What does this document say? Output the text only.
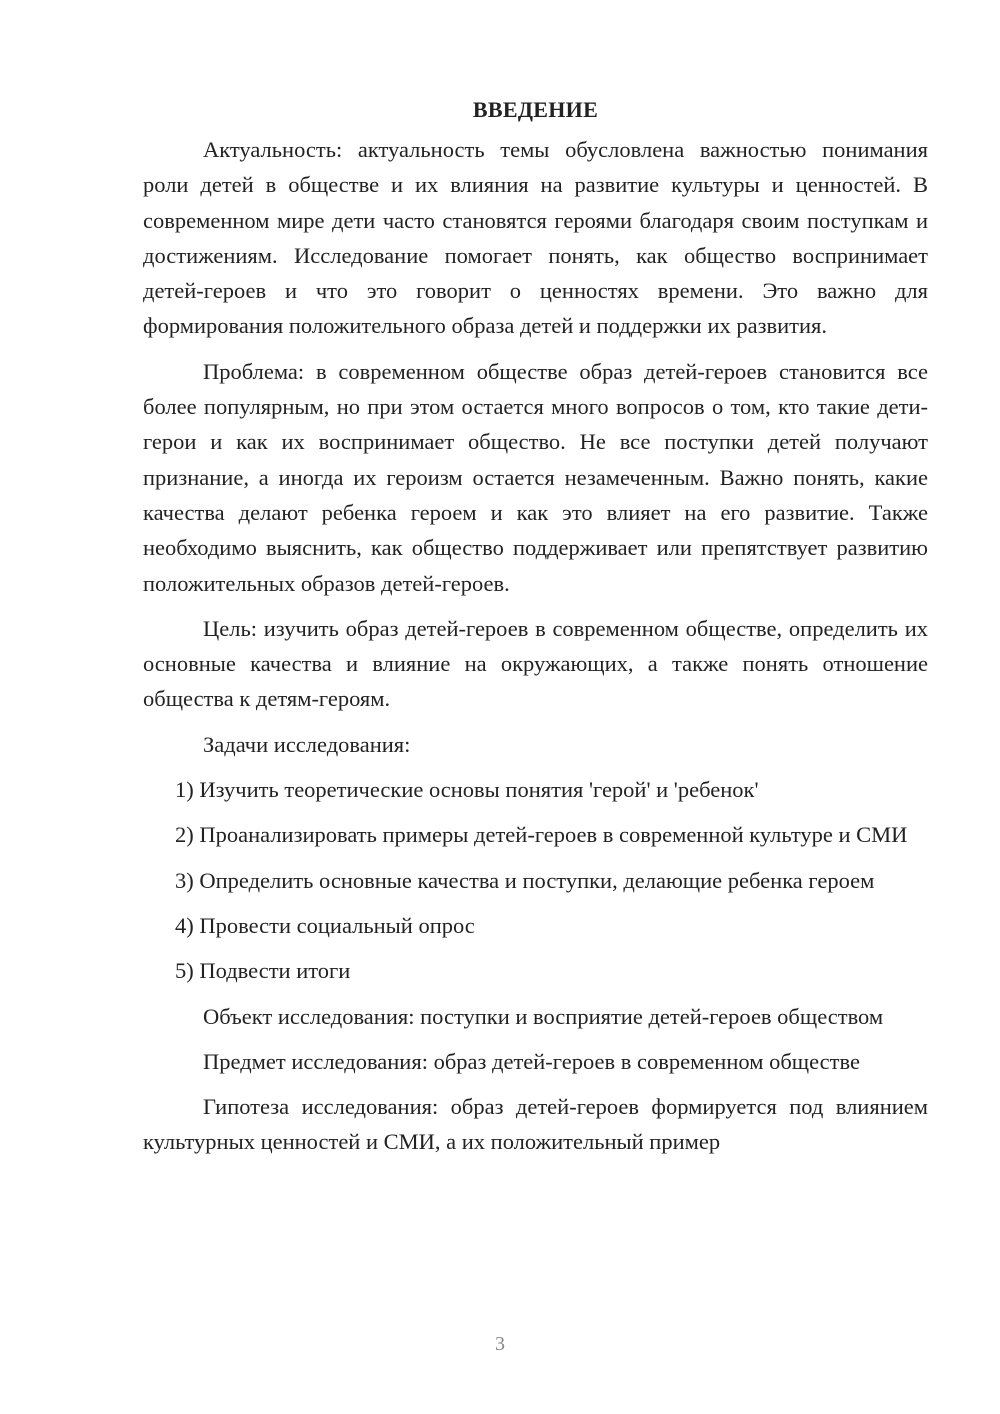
ВВЕДЕНИЕ

Актуальность: актуальность темы обусловлена важностью понимания роли детей в обществе и их влияния на развитие культуры и ценностей. В современном мире дети часто становятся героями благодаря своим поступкам и достижениям. Исследование помогает понять, как общество воспринимает детей-героев и что это говорит о ценностях времени. Это важно для формирования положительного образа детей и поддержки их развития.

Проблема: в современном обществе образ детей-героев становится все более популярным, но при этом остается много вопросов о том, кто такие дети-герои и как их воспринимает общество. Не все поступки детей получают признание, а иногда их героизм остается незамеченным. Важно понять, какие качества делают ребенка героем и как это влияет на его развитие. Также необходимо выяснить, как общество поддерживает или препятствует развитию положительных образов детей-героев.

Цель: изучить образ детей-героев в современном обществе, определить их основные качества и влияние на окружающих, а также понять отношение общества к детям-героям.

Задачи исследования:

1) Изучить теоретические основы понятия 'герой' и 'ребенок'

2) Проанализировать примеры детей-героев в современной культуре и СМИ

3) Определить основные качества и поступки, делающие ребенка героем

4) Провести социальный опрос

5) Подвести итоги

Объект исследования: поступки и восприятие детей-героев обществом

Предмет исследования: образ детей-героев в современном обществе

Гипотеза исследования: образ детей-героев формируется под влиянием культурных ценностей и СМИ, а их положительный пример

3
